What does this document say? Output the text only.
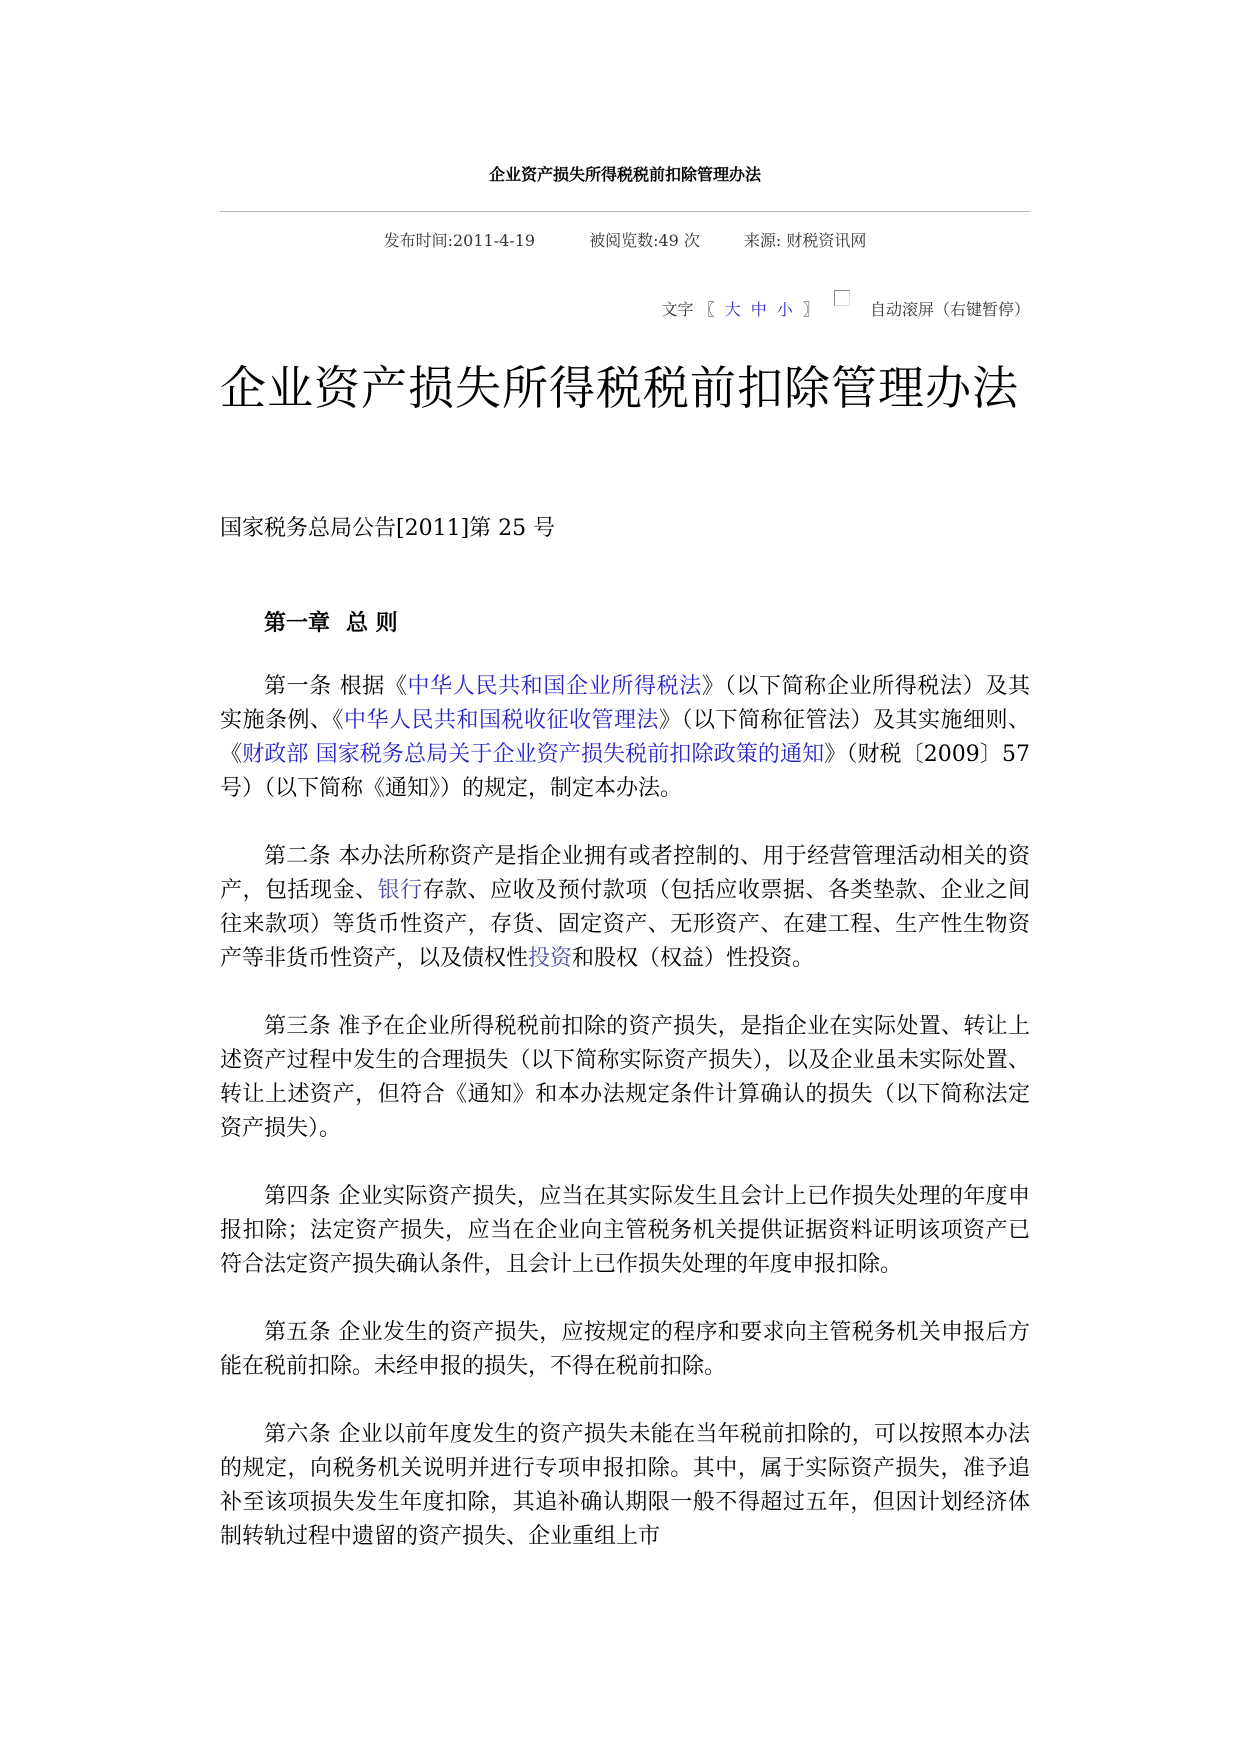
企业资产损失所得税税前扣除管理办法
发布时间:2011-4-19	被阅览数:49 次	来源: 财税资讯网
文字 〖 大 中 小 〗	自动滚屏（右键暂停）
企业资产损失所得税税前扣除管理办法
国家税务总局公告[2011]第 25 号

第一章 总 则

第一条 根据《中华人民共和国企业所得税法》（以下简称企业所得税法）及其实施条例、《中华人民共和国税收征收管理法》（以下简称征管法）及其实施细则、《财政部 国家税务总局关于企业资产损失税前扣除政策的通知》（财税〔2009〕57 号）（以下简称《通知》）的规定，制定本办法。

第二条 本办法所称资产是指企业拥有或者控制的、用于经营管理活动相关的资产，包括现金、银行存款、应收及预付款项（包括应收票据、各类垫款、企业之间往来款项）等货币性资产，存货、固定资产、无形资产、在建工程、生产性生物资产等非货币性资产，以及债权性投资和股权（权益）性投资。

第三条 准予在企业所得税税前扣除的资产损失，是指企业在实际处置、转让上述资产过程中发生的合理损失（以下简称实际资产损失），以及企业虽未实际处置、转让上述资产，但符合《通知》和本办法规定条件计算确认的损失（以下简称法定资产损失）。

第四条 企业实际资产损失，应当在其实际发生且会计上已作损失处理的年度申报扣除；法定资产损失，应当在企业向主管税务机关提供证据资料证明该项资产已符合法定资产损失确认条件，且会计上已作损失处理的年度申报扣除。

第五条 企业发生的资产损失，应按规定的程序和要求向主管税务机关申报后方能在税前扣除。未经申报的损失，不得在税前扣除。

第六条 企业以前年度发生的资产损失未能在当年税前扣除的，可以按照本办法的规定，向税务机关说明并进行专项申报扣除。其中，属于实际资产损失，准予追补至该项损失发生年度扣除，其追补确认期限一般不得超过五年，但因计划经济体制转轨过程中遗留的资产损失、企业重组上市
